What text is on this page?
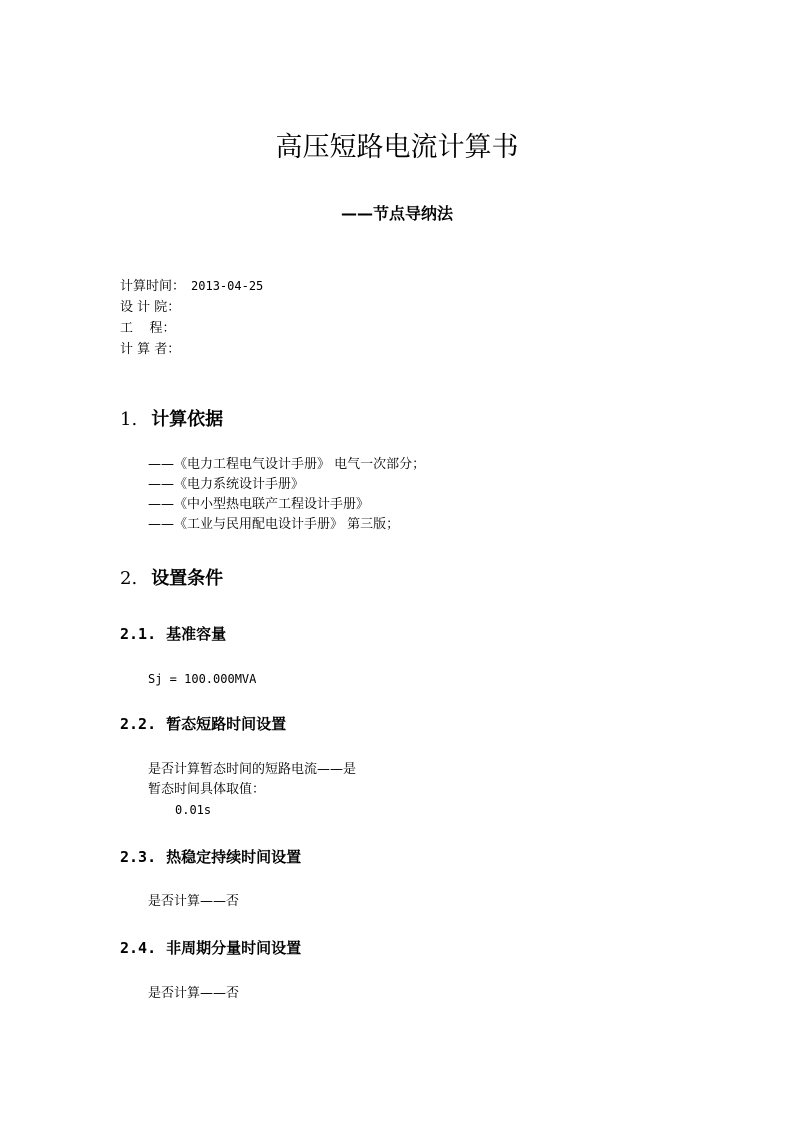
高压短路电流计算书
——节点导纳法
计算时间： 2013-04-25
设 计 院：
工    程：
计 算 者：
1. 计算依据
——《电力工程电气设计手册》 电气一次部分；
——《电力系统设计手册》
——《中小型热电联产工程设计手册》
——《工业与民用配电设计手册》 第三版；
2. 设置条件
2.1. 基准容量
Sj = 100.000MVA
2.2. 暂态短路时间设置
是否计算暂态时间的短路电流——是
暂态时间具体取值：
0.01s
2.3. 热稳定持续时间设置
是否计算——否
2.4. 非周期分量时间设置
是否计算——否
